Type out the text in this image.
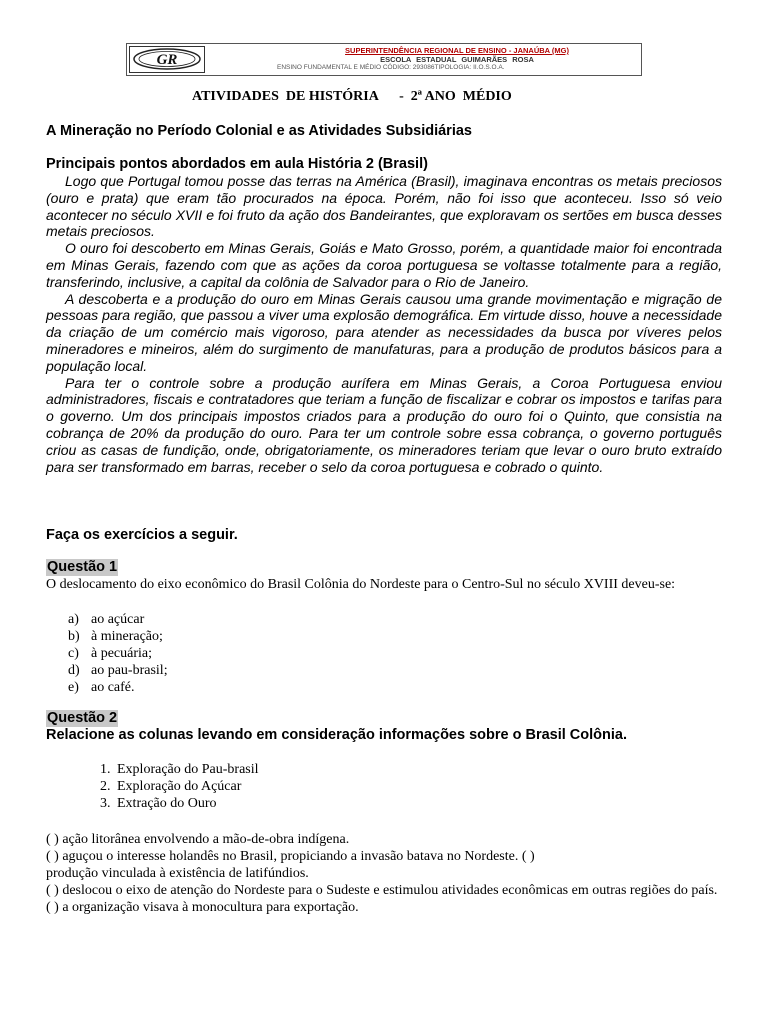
GR
SUPERINTENDÊNCIA REGIONAL DE ENSINO - JANAÚBA (MG)
ESCOLA ESTADUAL GUIMARÃES ROSA
ENSINO FUNDAMENTAL E MÉDIO CÓDIGO: 293086TIPOLOGIA: II.O.S.O.A.
ATIVIDADES  DE HISTÓRIA      -  2ª ANO  MÉDIO
A Mineração no Período Colonial e as Atividades Subsidiárias
Principais pontos abordados em aula História 2 (Brasil)

Logo que Portugal tomou posse das terras na América (Brasil), imaginava encontras os metais preciosos (ouro e prata) que eram tão procurados na época. Porém, não foi isso que aconteceu. Isso só veio acontecer no século XVII e foi fruto da ação dos Bandeirantes, que exploravam os sertões em busca desses metais preciosos.

O ouro foi descoberto em Minas Gerais, Goiás e Mato Grosso, porém, a quantidade maior foi encontrada em Minas Gerais, fazendo com que as ações da coroa portuguesa se voltasse totalmente para a região, transferindo, inclusive, a capital da colônia de Salvador para o Rio de Janeiro.

A descoberta e a produção do ouro em Minas Gerais causou uma grande movimentação e migração de pessoas para região, que passou a viver uma explosão demográfica. Em virtude disso, houve a necessidade da criação de um comércio mais vigoroso, para atender as necessidades da busca por víveres pelos mineradores e mineiros, além do surgimento de manufaturas, para a produção de produtos básicos para a população local.

Para ter o controle sobre a produção aurífera em Minas Gerais, a Coroa Portuguesa enviou administradores, fiscais e contratadores que teriam a função de fiscalizar e cobrar os impostos e tarifas para o governo. Um dos principais impostos criados para a produção do ouro foi o Quinto, que consistia na cobrança de 20% da produção do ouro. Para ter um controle sobre essa cobrança, o governo português criou as casas de fundição, onde, obrigatoriamente, os mineradores teriam que levar o ouro bruto extraído para ser transformado em barras, receber o selo da coroa portuguesa e cobrado o quinto.

Faça os exercícios a seguir.
Questão 1
O deslocamento do eixo econômico do Brasil Colônia do Nordeste para o Centro-Sul no século XVIII deveu-se:
a) ao açúcar
b) à mineração;
c) à pecuária;
d) ao pau-brasil;
e) ao café.
Questão 2
Relacione as colunas levando em consideração informações sobre o Brasil Colônia.
1. Exploração do Pau-brasil
2. Exploração do Açúcar
3. Extração do Ouro
( ) ação litorânea envolvendo a mão-de-obra indígena.
( ) aguçou o interesse holandês no Brasil, propiciando a invasão batava no Nordeste. ( )
produção vinculada à existência de latifúndios.
( ) deslocou o eixo de atenção do Nordeste para o Sudeste e estimulou atividades econômicas em outras regiões do país.
( ) a organização visava à monocultura para exportação.
